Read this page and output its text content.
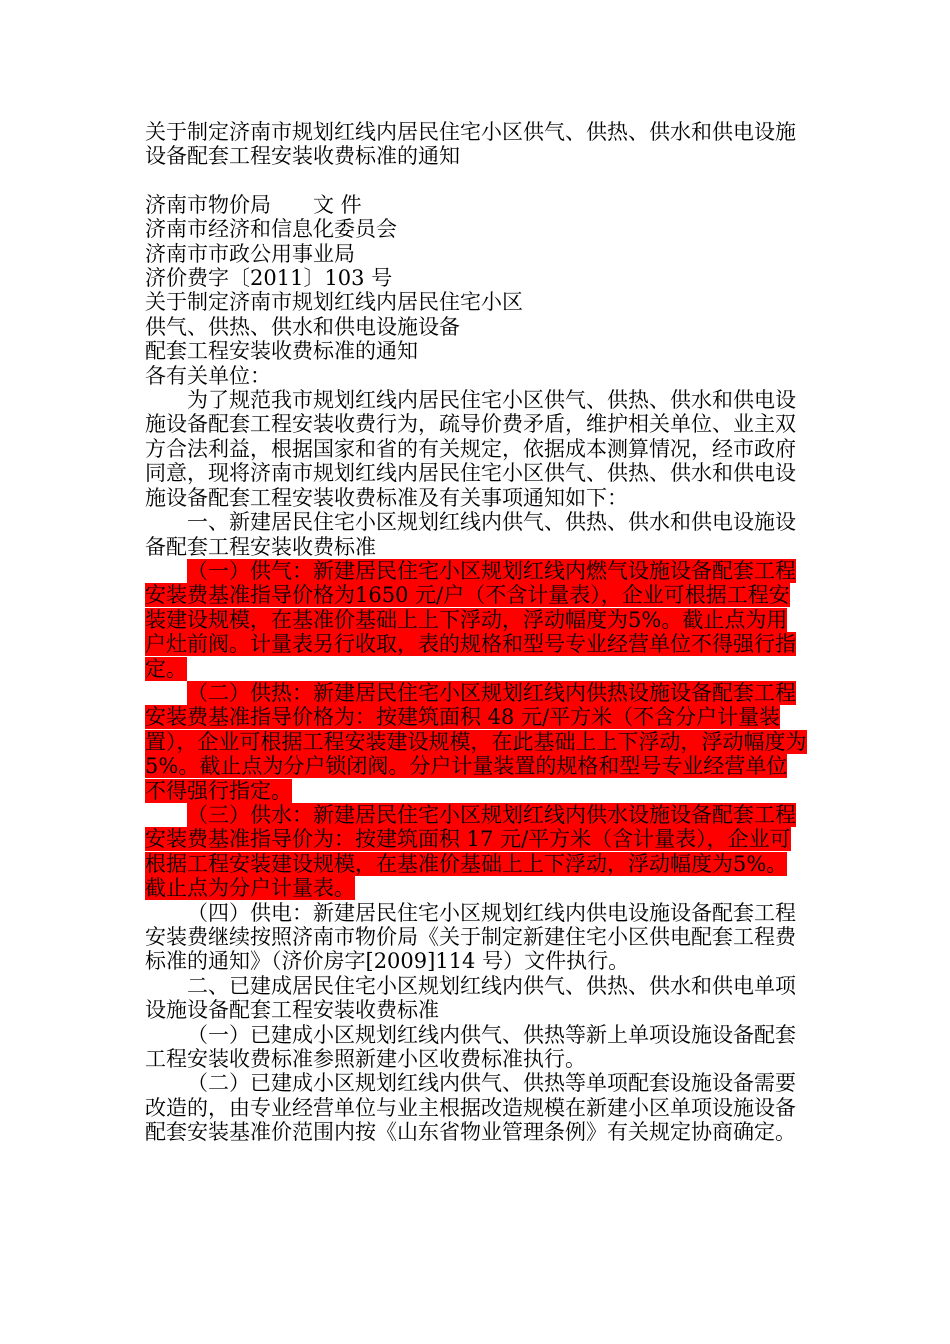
关于制定济南市规划红线内居民住宅小区供气、供热、供水和供电设施设备配套工程安装收费标准的通知

济南市物价局 文 件
济南市经济和信息化委员会
济南市市政公用事业局
济价费字〔2011〕103 号
关于制定济南市规划红线内居民住宅小区
供气、供热、供水和供电设施设备
配套工程安装收费标准的通知
各有关单位：

为了规范我市规划红线内居民住宅小区供气、供热、供水和供电设施设备配套工程安装收费行为，疏导价费矛盾，维护相关单位、业主双方合法利益，根据国家和省的有关规定，依据成本测算情况，经市政府同意，现将济南市规划红线内居民住宅小区供气、供热、供水和供电设施设备配套工程安装收费标准及有关事项通知如下：

一、新建居民住宅小区规划红线内供气、供热、供水和供电设施设备配套工程安装收费标准

（一）供气：新建居民住宅小区规划红线内燃气设施设备配套工程安装费基准指导价格为1650 元/户（不含计量表），企业可根据工程安装建设规模，在基准价基础上上下浮动，浮动幅度为5%。截止点为用户灶前阀。计量表另行收取，表的规格和型号专业经营单位不得强行指定。

（二）供热：新建居民住宅小区规划红线内供热设施设备配套工程安装费基准指导价格为：按建筑面积 48 元/平方米（不含分户计量装置），企业可根据工程安装建设规模，在此基础上上下浮动，浮动幅度为5%。截止点为分户锁闭阀。分户计量装置的规格和型号专业经营单位不得强行指定。

（三）供水：新建居民住宅小区规划红线内供水设施设备配套工程安装费基准指导价为：按建筑面积 17 元/平方米（含计量表），企业可根据工程安装建设规模，在基准价基础上上下浮动，浮动幅度为5%。截止点为分户计量表。

（四）供电：新建居民住宅小区规划红线内供电设施设备配套工程安装费继续按照济南市物价局《关于制定新建住宅小区供电配套工程费标准的通知》（济价房字[2009]114 号）文件执行。

二、已建成居民住宅小区规划红线内供气、供热、供水和供电单项设施设备配套工程安装收费标准

（一）已建成小区规划红线内供气、供热等新上单项设施设备配套工程安装收费标准参照新建小区收费标准执行。

（二）已建成小区规划红线内供气、供热等单项配套设施设备需要改造的，由专业经营单位与业主根据改造规模在新建小区单项设施设备配套安装基准价范围内按《山东省物业管理条例》有关规定协商确定。
